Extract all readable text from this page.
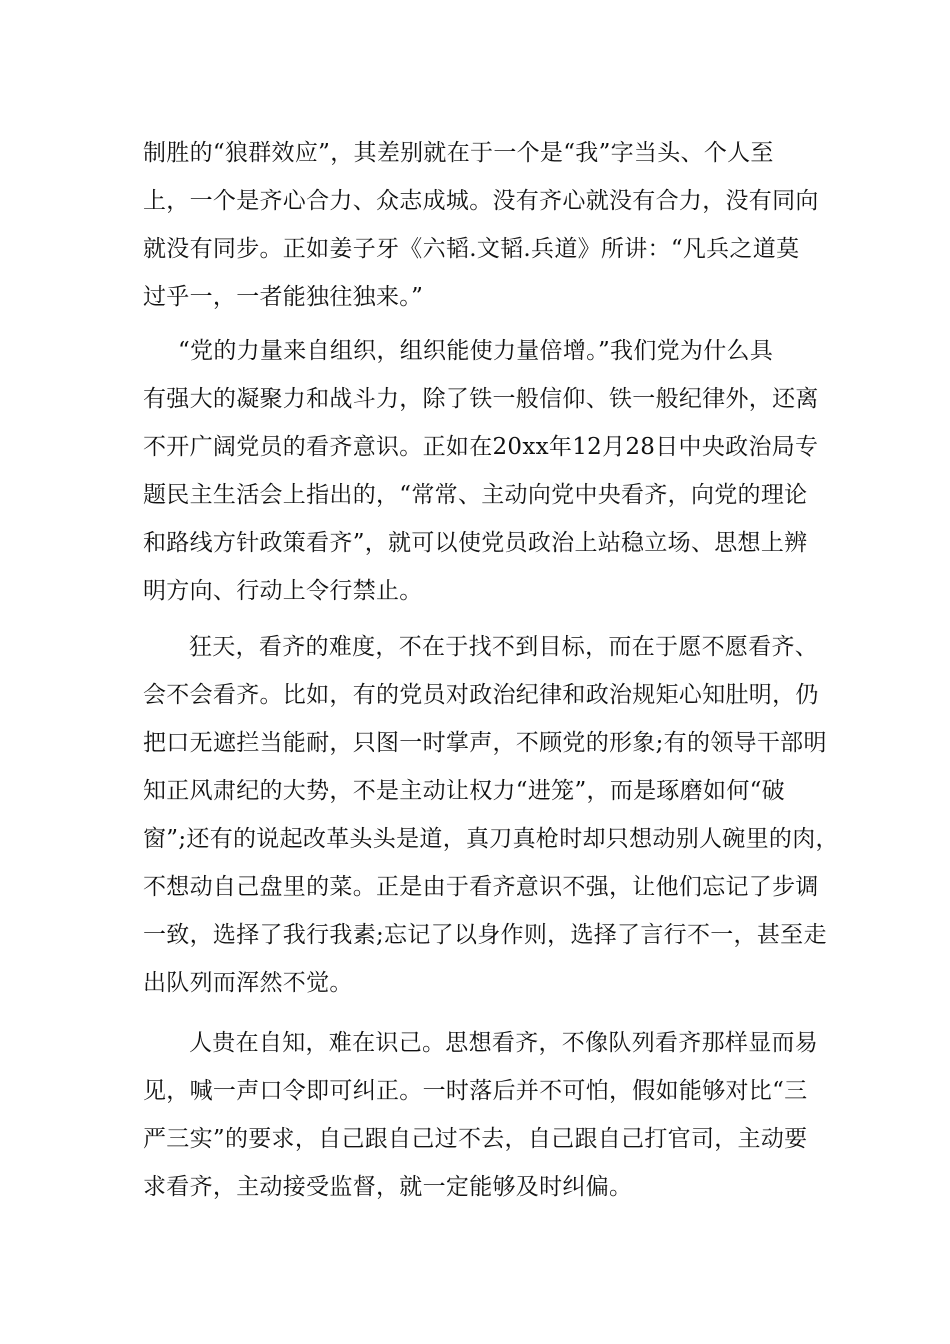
制胜的“狼群效应”，其差别就在于一个是“我”字当头、个人至

上，一个是齐心合力、众志成城。没有齐心就没有合力，没有同向

就没有同步。正如姜子牙《六韬.文韬.兵道》所讲：“凡兵之道莫

过乎一，一者能独往独来。”

“党的力量来自组织，组织能使力量倍增。”我们党为什么具

有强大的凝聚力和战斗力，除了铁一般信仰、铁一般纪律外，还离

不开广阔党员的看齐意识。正如在20xx年12月28日中央政治局专

题民主生活会上指出的，“常常、主动向党中央看齐，向党的理论

和路线方针政策看齐”，就可以使党员政治上站稳立场、思想上辨

明方向、行动上令行禁止。

狂天，看齐的难度，不在于找不到目标，而在于愿不愿看齐、

会不会看齐。比如，有的党员对政治纪律和政治规矩心知肚明，仍

把口无遮拦当能耐，只图一时掌声，不顾党的形象;有的领导干部明

知正风肃纪的大势，不是主动让权力“进笼”，而是琢磨如何“破

窗”;还有的说起改革头头是道，真刀真枪时却只想动别人碗里的肉，

不想动自己盘里的菜。正是由于看齐意识不强，让他们忘记了步调

一致，选择了我行我素;忘记了以身作则，选择了言行不一，甚至走

出队列而浑然不觉。

人贵在自知，难在识己。思想看齐，不像队列看齐那样显而易

见，喊一声口令即可纠正。一时落后并不可怕，假如能够对比“三

严三实”的要求，自己跟自己过不去，自己跟自己打官司，主动要

求看齐，主动接受监督，就一定能够及时纠偏。
